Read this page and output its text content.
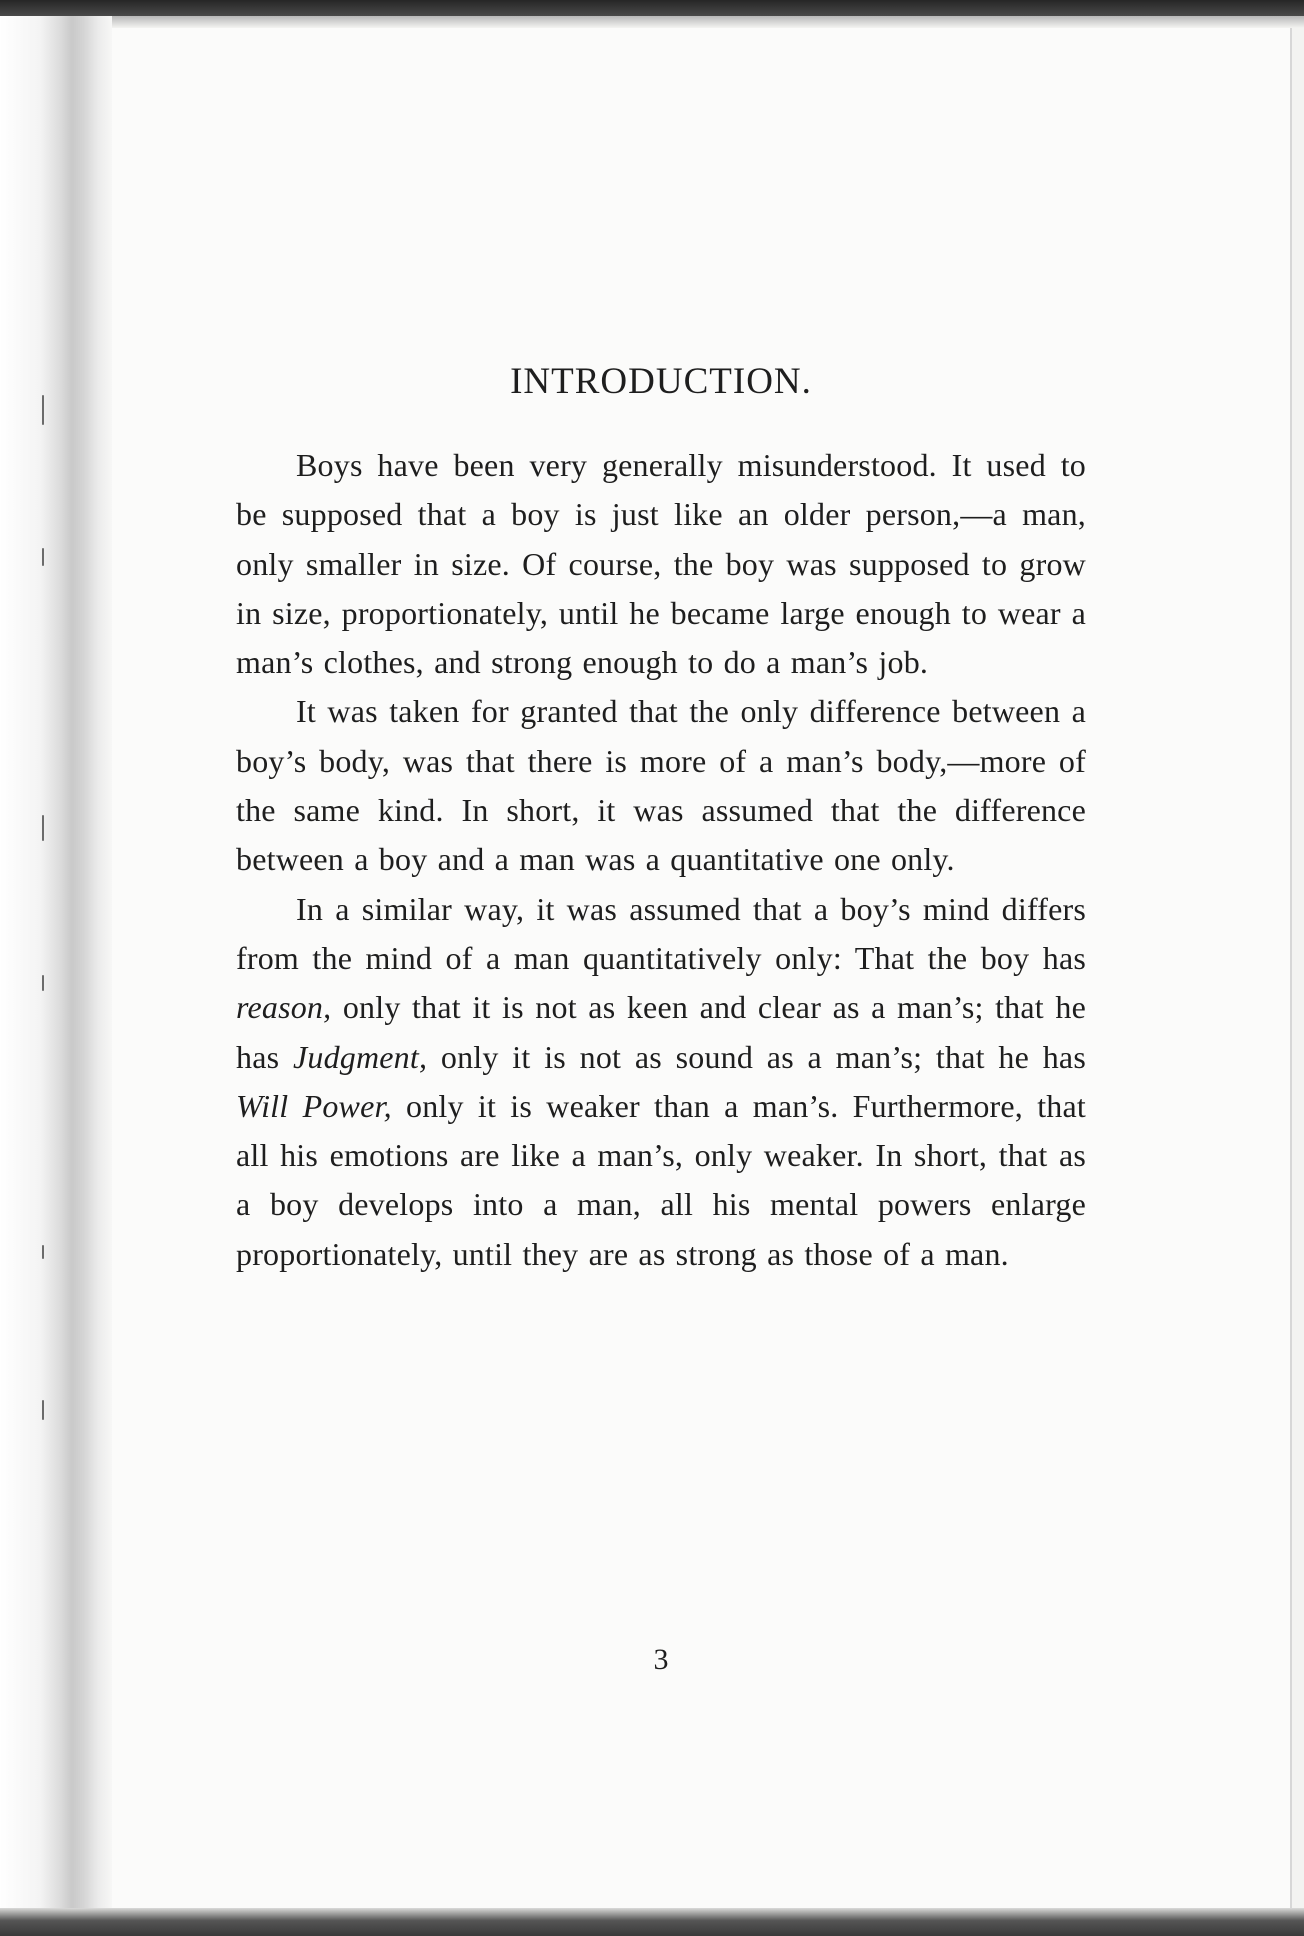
INTRODUCTION.

Boys have been very generally misunderstood. It used to be supposed that a boy is just like an older person,—a man, only smaller in size. Of course, the boy was supposed to grow in size, proportionately, until he became large enough to wear a man’s clothes, and strong enough to do a man’s job.

It was taken for granted that the only difference between a boy’s body, was that there is more of a man’s body,—more of the same kind. In short, it was assumed that the difference between a boy and a man was a quantitative one only.

In a similar way, it was assumed that a boy’s mind differs from the mind of a man quantitatively only: That the boy has reason, only that it is not as keen and clear as a man’s; that he has Judgment, only it is not as sound as a man’s; that he has Will Power, only it is weaker than a man’s. Furthermore, that all his emotions are like a man’s, only weaker. In short, that as a boy develops into a man, all his mental powers enlarge proportionately, until they are as strong as those of a man.

3
